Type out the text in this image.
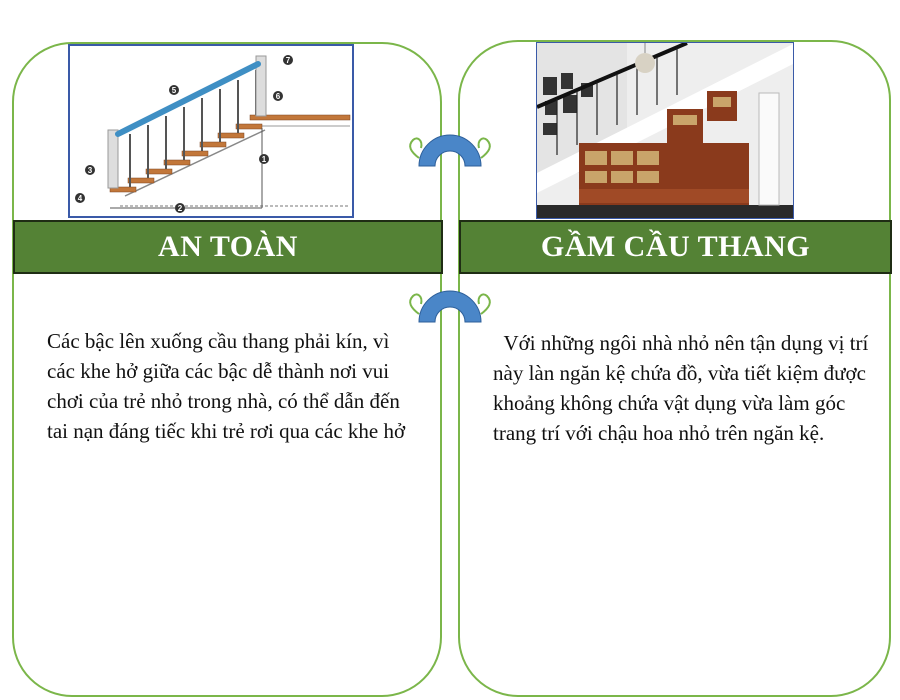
1
2
3
4
5
6
7
AN TOÀN	GẦM CẦU THANG
Các bậc lên xuống cầu thang phải kín, vì các khe hở giữa các bậc dễ thành nơi vui chơi của trẻ nhỏ trong nhà, có thể dẫn đến tai nạn đáng tiếc khi trẻ rơi qua các khe hở
Với những ngôi nhà nhỏ nên tận dụng vị trí này làn ngăn kệ chứa đồ, vừa tiết kiệm được khoảng không chứa vật dụng vừa làm góc trang trí với chậu hoa nhỏ trên ngăn kệ.
